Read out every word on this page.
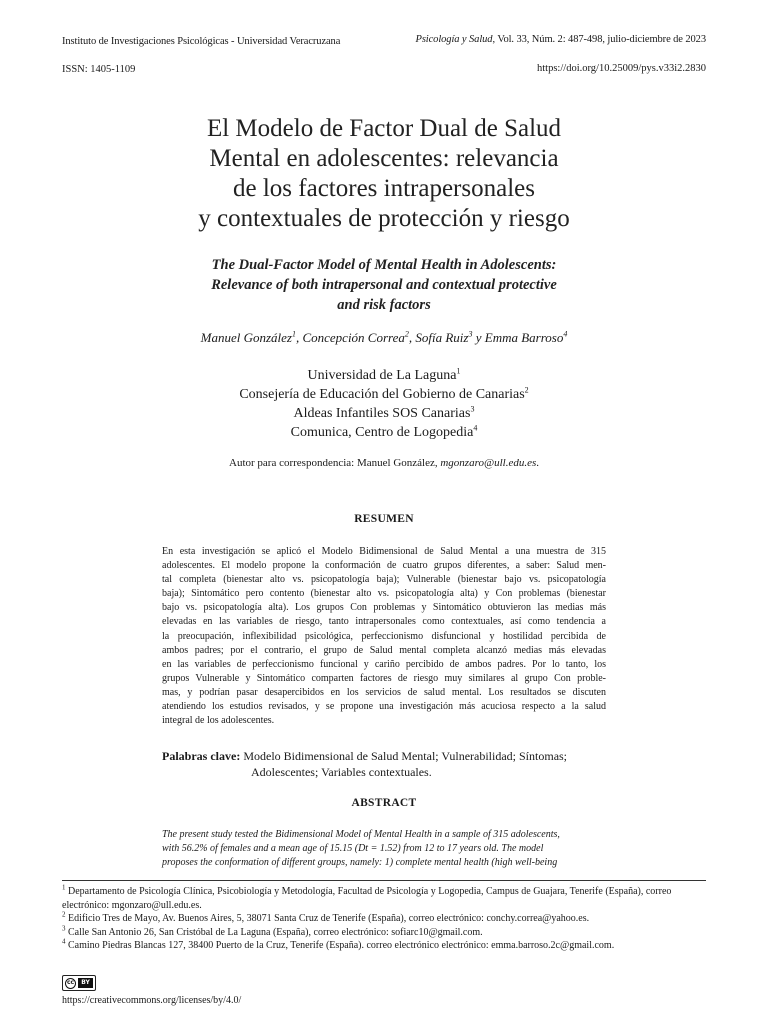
Instituto de Investigaciones Psicológicas - Universidad Veracruzana	Psicología y Salud, Vol. 33, Núm. 2: 487-498, julio-diciembre de 2023
ISSN: 1405-1109	https://doi.org/10.25009/pys.v33i2.2830
El Modelo de Factor Dual de Salud
Mental en adolescentes: relevancia
de los factores intrapersonales
y contextuales de protección y riesgo
The Dual-Factor Model of Mental Health in Adolescents:
Relevance of both intrapersonal and contextual protective
and risk factors
Manuel González$^1$, Concepción Correa$^2$, Sofía Ruiz$^3$ y Emma Barroso$^4$
Universidad de La Laguna$^1$
Consejería de Educación del Gobierno de Canarias$^2$
Aldeas Infantiles SOS Canarias$^3$
Comunica, Centro de Logopedia$^4$
Autor para correspondencia: Manuel González, mgonzaro@ull.edu.es.
RESUMEN
En esta investigación se aplicó el Modelo Bidimensional de Salud Mental a una muestra de 315
adolescentes. El modelo propone la conformación de cuatro grupos diferentes, a saber: Salud men-
tal completa (bienestar alto vs. psicopatología baja); Vulnerable (bienestar bajo vs. psicopatología
baja); Sintomático pero contento (bienestar alto vs. psicopatología alta) y Con problemas (bienestar
bajo vs. psicopatología alta). Los grupos Con problemas y Sintomático obtuvieron las medias más
elevadas en las variables de riesgo, tanto intrapersonales como contextuales, así como tendencia a
la preocupación, inflexibilidad psicológica, perfeccionismo disfuncional y hostilidad percibida de
ambos padres; por el contrario, el grupo de Salud mental completa alcanzó medias más elevadas
en las variables de perfeccionismo funcional y cariño percibido de ambos padres. Por lo tanto, los
grupos Vulnerable y Sintomático comparten factores de riesgo muy similares al grupo Con proble-
mas, y podrían pasar desapercibidos en los servicios de salud mental. Los resultados se discuten
atendiendo los estudios revisados, y se propone una investigación más acuciosa respecto a la salud
integral de los adolescentes.
Palabras clave: Modelo Bidimensional de Salud Mental; Vulnerabilidad; Síntomas;
Adolescentes; Variables contextuales.
ABSTRACT
The present study tested the Bidimensional Model of Mental Health in a sample of 315 adolescents,
with 56.2% of females and a mean age of 15.15 (Dt = 1.52) from 12 to 17 years old. The model
proposes the conformation of different groups, namely: 1) complete mental health (high well-being
$^1$ Departamento de Psicología Clínica, Psicobiología y Metodología, Facultad de Psicología y Logopedia, Campus de Guajara, Tenerife (España), correo electrónico: mgonzaro@ull.edu.es.
$^2$ Edificio Tres de Mayo, Av. Buenos Aires, 5, 38071 Santa Cruz de Tenerife (España), correo electrónico: conchy.correa@yahoo.es.
$^3$ Calle San Antonio 26, San Cristóbal de La Laguna (España), correo electrónico: sofiarc10@gmail.com.
$^4$ Camino Piedras Blancas 127, 38400 Puerto de la Cruz, Tenerife (España). correo electrónico electrónico: emma.barroso.2c@gmail.com.
cc	BY
https://creativecommons.org/licenses/by/4.0/
